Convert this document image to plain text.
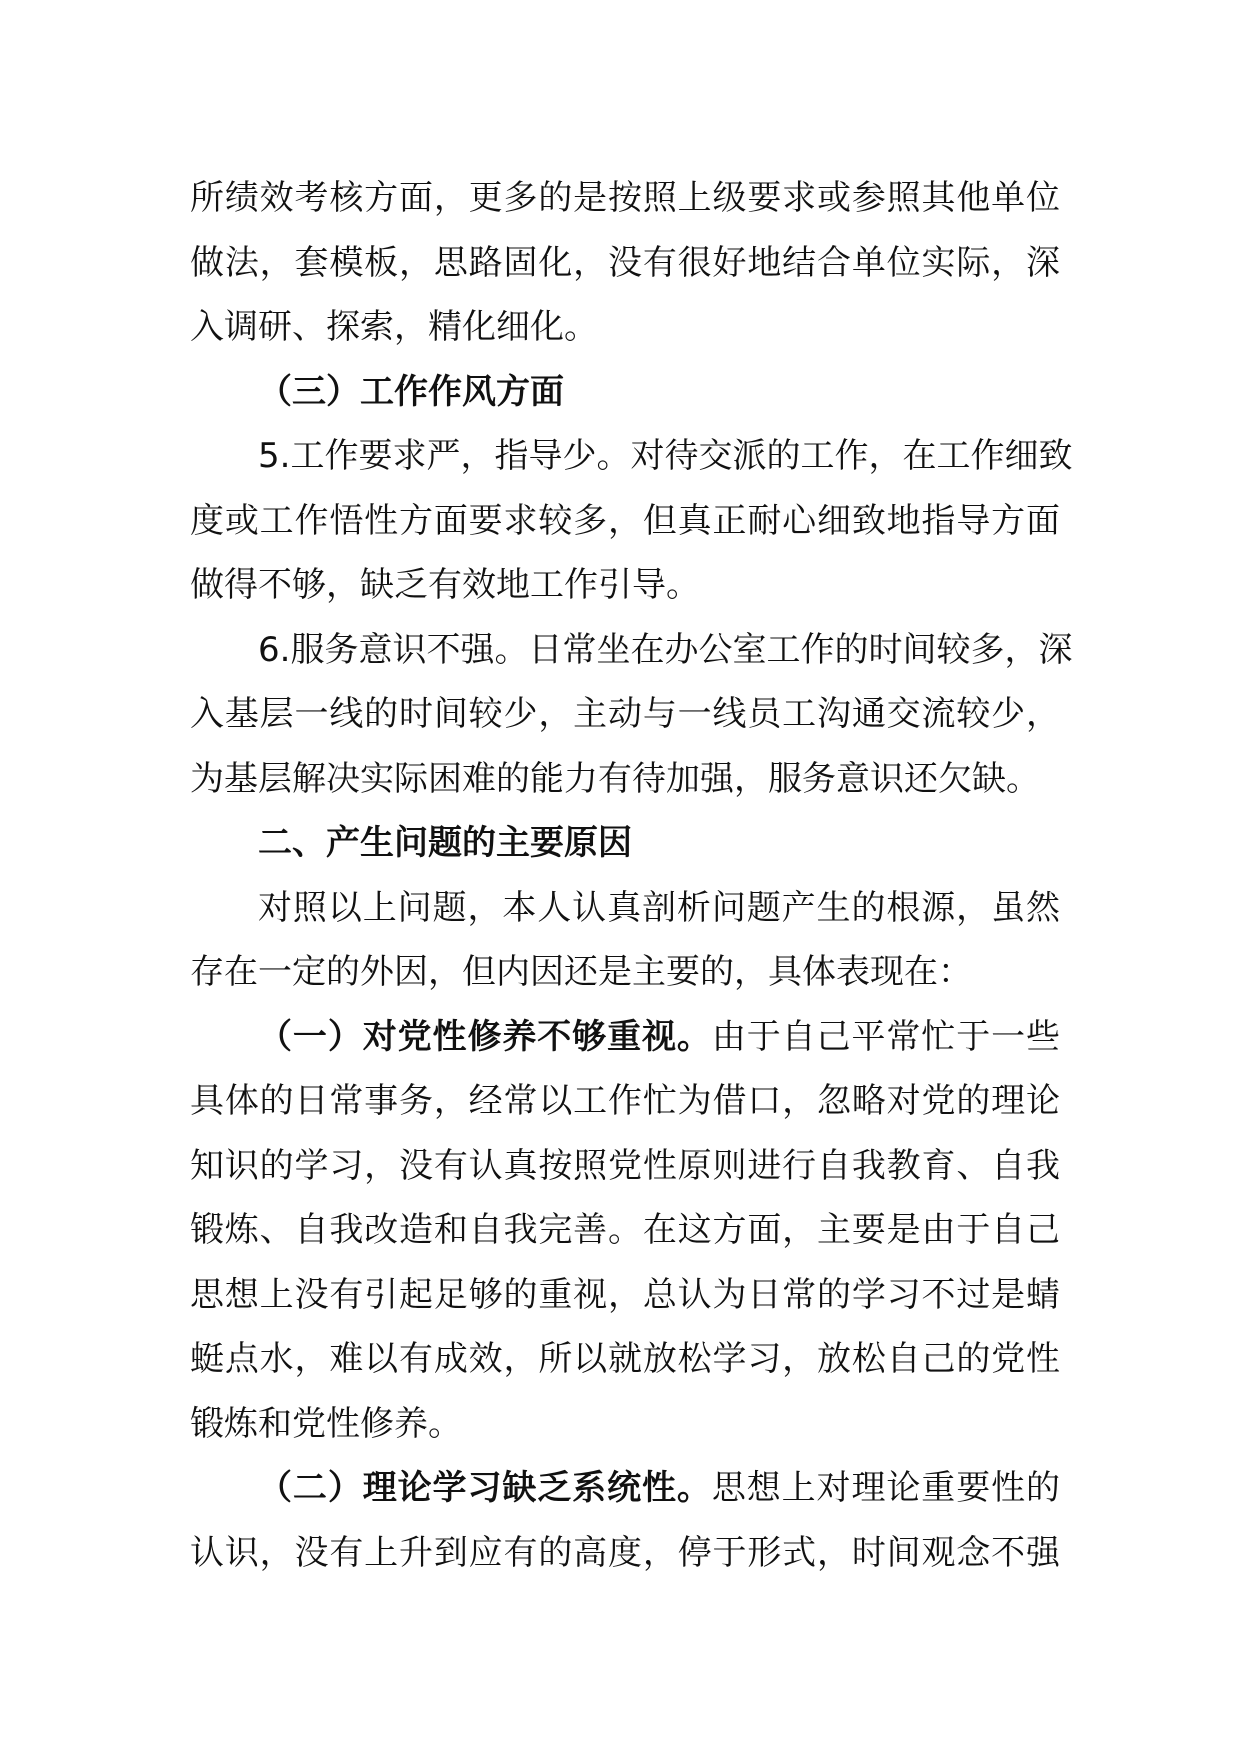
所绩效考核方面，更多的是按照上级要求或参照其他单位
做法，套模板，思路固化，没有很好地结合单位实际，深
入调研、探索，精化细化。
（三）工作作风方面
5.工作要求严，指导少。对待交派的工作，在工作细致
度或工作悟性方面要求较多，但真正耐心细致地指导方面
做得不够，缺乏有效地工作引导。
6.服务意识不强。日常坐在办公室工作的时间较多，深
入基层一线的时间较少，主动与一线员工沟通交流较少，
为基层解决实际困难的能力有待加强，服务意识还欠缺。
二、产生问题的主要原因
对照以上问题，本人认真剖析问题产生的根源，虽然
存在一定的外因，但内因还是主要的，具体表现在：
（一）对党性修养不够重视。由于自己平常忙于一些
具体的日常事务，经常以工作忙为借口，忽略对党的理论
知识的学习，没有认真按照党性原则进行自我教育、自我
锻炼、自我改造和自我完善。在这方面，主要是由于自己
思想上没有引起足够的重视，总认为日常的学习不过是蜻
蜓点水，难以有成效，所以就放松学习，放松自己的党性
锻炼和党性修养。
（二）理论学习缺乏系统性。思想上对理论重要性的
认识，没有上升到应有的高度，停于形式，时间观念不强
